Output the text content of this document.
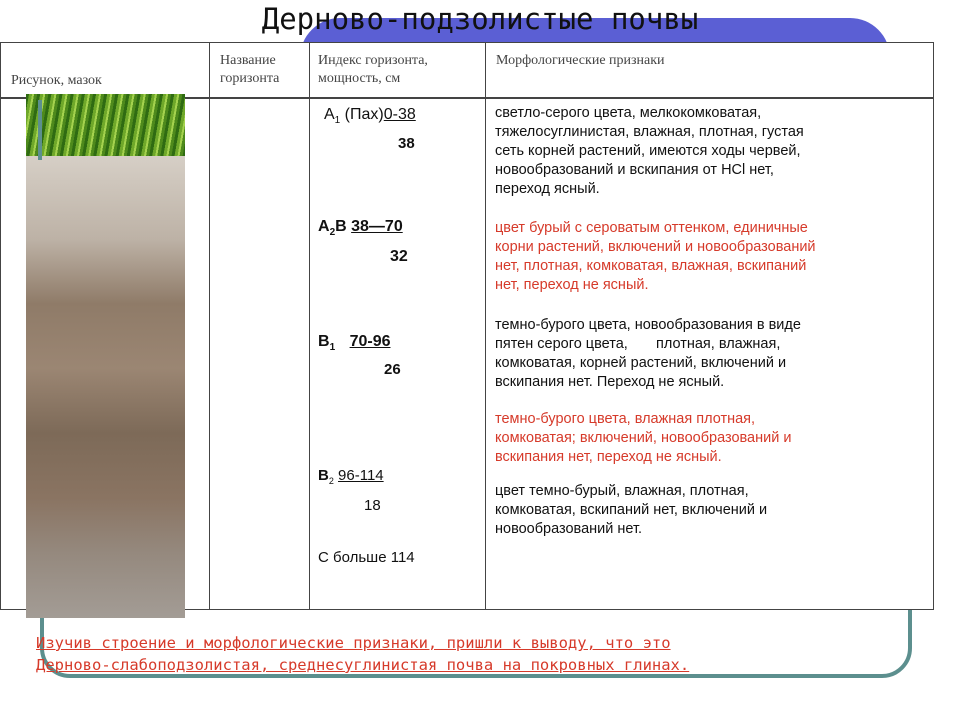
Дерново-подзолистые почвы
Рисунок, мазок
Название
горизонта
Индекс горизонта,
мощность, см
Морфологические признаки
$A_1$ (Пах)0-38
38
$A_2B$ 38—70
32
$B_1$ 70-96
26
$B_2$ 96-114
18
С больше 114
светло-серого цвета, мелкокомковатая,
тяжелосуглинистая, влажная, плотная, густая
сеть корней растений, имеются ходы червей,
новообразований и вскипания от HCl нет,
переход ясный.
цвет бурый с сероватым оттенком, единичные
корни растений, включений и новообразований
нет, плотная, комковатая, влажная, вскипаний
нет, переход не ясный.
темно-бурого цвета, новообразования в виде
пятен серого цвета,       плотная, влажная,
комковатая, корней растений, включений и
вскипания нет. Переход не ясный.
темно-бурого цвета, влажная плотная,
комковатая; включений, новообразований и
вскипания нет, переход не ясный.
цвет темно-бурый, влажная, плотная,
комковатая, вскипаний нет, включений и
новообразований нет.
Изучив строение и морфологические признаки, пришли к выводу, что это
Дерново-слабоподзолистая, среднесуглинистая почва на покровных глинах.
